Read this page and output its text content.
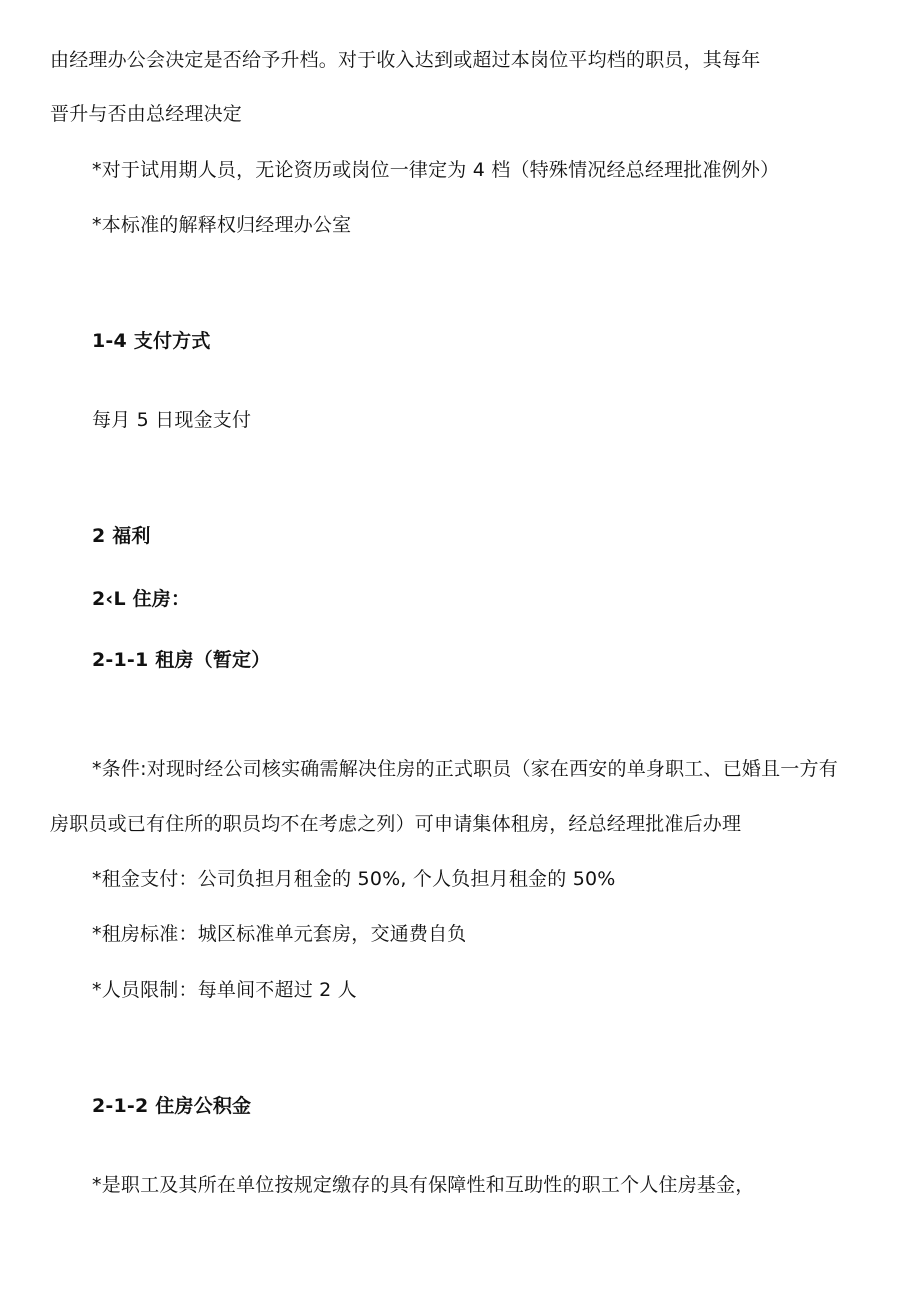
由经理办公会决定是否给予升档。对于收入达到或超过本岗位平均档的职员，其每年
晋升与否由总经理决定
*对于试用期人员，无论资历或岗位一律定为 4 档（特殊情况经总经理批准例外）
*本标准的解释权归经理办公室
1-4 支付方式
每月 5 日现金支付
2 福利
2‹L 住房：
2-1-1 租房（暂定）
*条件:对现时经公司核实确需解决住房的正式职员（家在西安的单身职工、已婚且一方有
房职员或已有住所的职员均不在考虑之列）可申请集体租房，经总经理批准后办理
*租金支付：公司负担月租金的 50%, 个人负担月租金的 50%
*租房标准：城区标准单元套房，交通费自负
*人员限制：每单间不超过 2 人
2-1-2 住房公积金
*是职工及其所在单位按规定缴存的具有保障性和互助性的职工个人住房基金，
